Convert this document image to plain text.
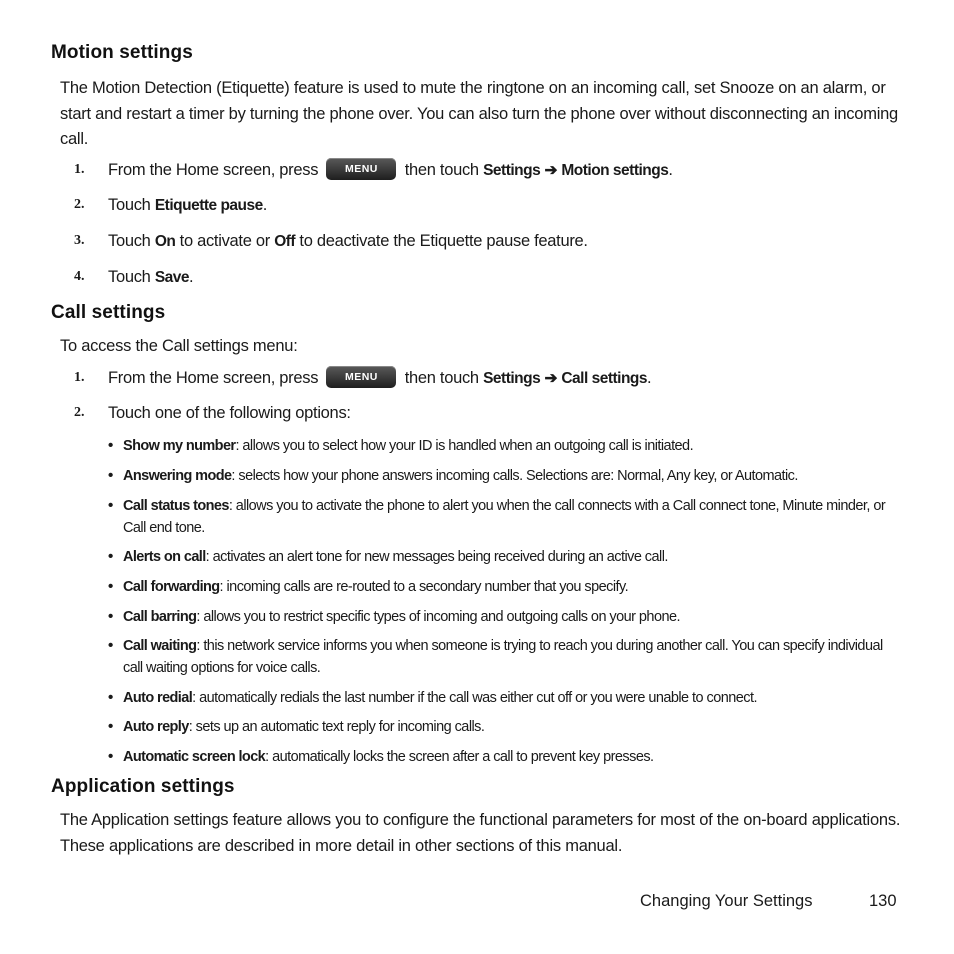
Motion settings

The Motion Detection (Etiquette) feature is used to mute the ringtone on an incoming call, set Snooze on an alarm, or start and restart a timer by turning the phone over. You can also turn the phone over without disconnecting an incoming call.

1. From the Home screen, press	MENU then touch Settings ➔ Motion settings.
2. Touch Etiquette pause.
3. Touch On to activate or Off to deactivate the Etiquette pause feature.
4. Touch Save.
Call settings

To access the Call settings menu:

1. From the Home screen, press	MENU then touch Settings ➔ Call settings.
2. Touch one of the following options:
• Show my number: allows you to select how your ID is handled when an outgoing call is initiated.
• Answering mode: selects how your phone answers incoming calls. Selections are: Normal, Any key, or Automatic.
• Call status tones: allows you to activate the phone to alert you when the call connects with a Call connect tone, Minute minder, or Call end tone.
• Alerts on call: activates an alert tone for new messages being received during an active call.
• Call forwarding: incoming calls are re-routed to a secondary number that you specify.
• Call barring: allows you to restrict specific types of incoming and outgoing calls on your phone.
• Call waiting: this network service informs you when someone is trying to reach you during another call. You can specify individual call waiting options for voice calls.
• Auto redial: automatically redials the last number if the call was either cut off or you were unable to connect.
• Auto reply: sets up an automatic text reply for incoming calls.
• Automatic screen lock: automatically locks the screen after a call to prevent key presses.
Application settings

The Application settings feature allows you to configure the functional parameters for most of the on-board applications. These applications are described in more detail in other sections of this manual.

Changing Your Settings	130
